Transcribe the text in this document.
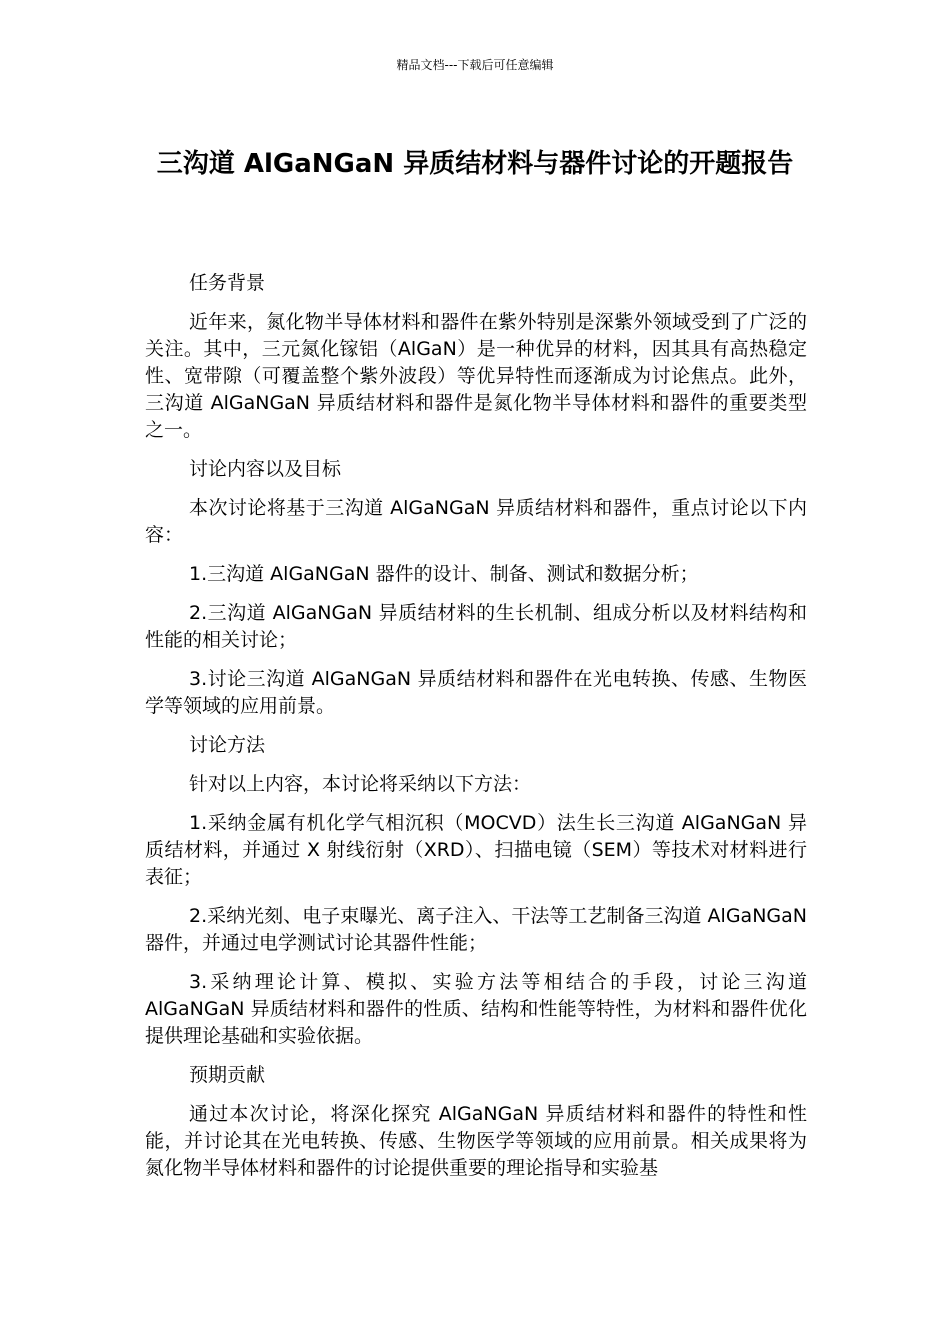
精品文档---下载后可任意编辑
三沟道 AlGaNGaN 异质结材料与器件讨论的开题报告

任务背景

近年来，氮化物半导体材料和器件在紫外特别是深紫外领域受到了广泛的关注。其中，三元氮化镓铝（AlGaN）是一种优异的材料，因其具有高热稳定性、宽带隙（可覆盖整个紫外波段）等优异特性而逐渐成为讨论焦点。此外，三沟道 AlGaNGaN 异质结材料和器件是氮化物半导体材料和器件的重要类型之一。

讨论内容以及目标

本次讨论将基于三沟道 AlGaNGaN 异质结材料和器件，重点讨论以下内容：

1.三沟道 AlGaNGaN 器件的设计、制备、测试和数据分析；

2.三沟道 AlGaNGaN 异质结材料的生长机制、组成分析以及材料结构和性能的相关讨论；

3.讨论三沟道 AlGaNGaN 异质结材料和器件在光电转换、传感、生物医学等领域的应用前景。

讨论方法

针对以上内容，本讨论将采纳以下方法：

1.采纳金属有机化学气相沉积（MOCVD）法生长三沟道 AlGaNGaN 异质结材料，并通过 X 射线衍射（XRD）、扫描电镜（SEM）等技术对材料进行表征；

2.采纳光刻、电子束曝光、离子注入、干法等工艺制备三沟道 AlGaNGaN 器件，并通过电学测试讨论其器件性能；

3.采纳理论计算、模拟、实验方法等相结合的手段，讨论三沟道 AlGaNGaN 异质结材料和器件的性质、结构和性能等特性，为材料和器件优化提供理论基础和实验依据。

预期贡献

通过本次讨论，将深化探究 AlGaNGaN 异质结材料和器件的特性和性能，并讨论其在光电转换、传感、生物医学等领域的应用前景。相关成果将为氮化物半导体材料和器件的讨论提供重要的理论指导和实验基
